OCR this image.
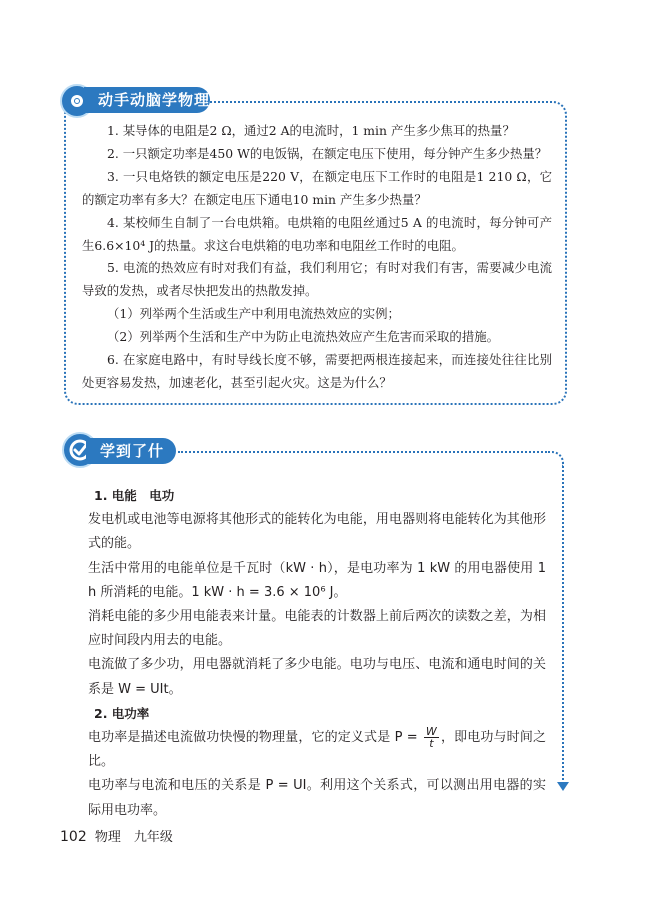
动手动脑学物理

1. 某导体的电阻是2 Ω，通过2 A的电流时，1 min 产生多少焦耳的热量？

2. 一只额定功率是450 W的电饭锅，在额定电压下使用，每分钟产生多少热量？

3. 一只电烙铁的额定电压是220 V，在额定电压下工作时的电阻是1 210 Ω，它的额定功率有多大？在额定电压下通电10 min 产生多少热量？

4. 某校师生自制了一台电烘箱。电烘箱的电阻丝通过5 A 的电流时，每分钟可产生6.6×10⁴ J的热量。求这台电烘箱的电功率和电阻丝工作时的电阻。

5. 电流的热效应有时对我们有益，我们利用它；有时对我们有害，需要减少电流导致的发热，或者尽快把发出的热散发掉。

（1）列举两个生活或生产中利用电流热效应的实例；

（2）列举两个生活和生产中为防止电流热效应产生危害而采取的措施。

6. 在家庭电路中，有时导线长度不够，需要把两根连接起来，而连接处往往比别处更容易发热，加速老化，甚至引起火灾。这是为什么？

学到了什么
1. 电能　电功

发电机或电池等电源将其他形式的能转化为电能，用电器则将电能转化为其他形式的能。

生活中常用的电能单位是千瓦时（kW · h），是电功率为 1 kW 的用电器使用 1 h 所消耗的电能。1 kW · h = 3.6 × 10⁶ J。

消耗电能的多少用电能表来计量。电能表的计数器上前后两次的读数之差，为相应时间段内用去的电能。

电流做了多少功，用电器就消耗了多少电能。电功与电压、电流和通电时间的关系是 W = UIt。

2. 电功率

电功率是描述电流做功快慢的物理量，它的定义式是 $P = \frac{W}{t}$ ，即电功与时间之比。

电功率与电流和电压的关系是 P = UI。利用这个关系式，可以测出用电器的实际用电功率。

102 物理　九年级
